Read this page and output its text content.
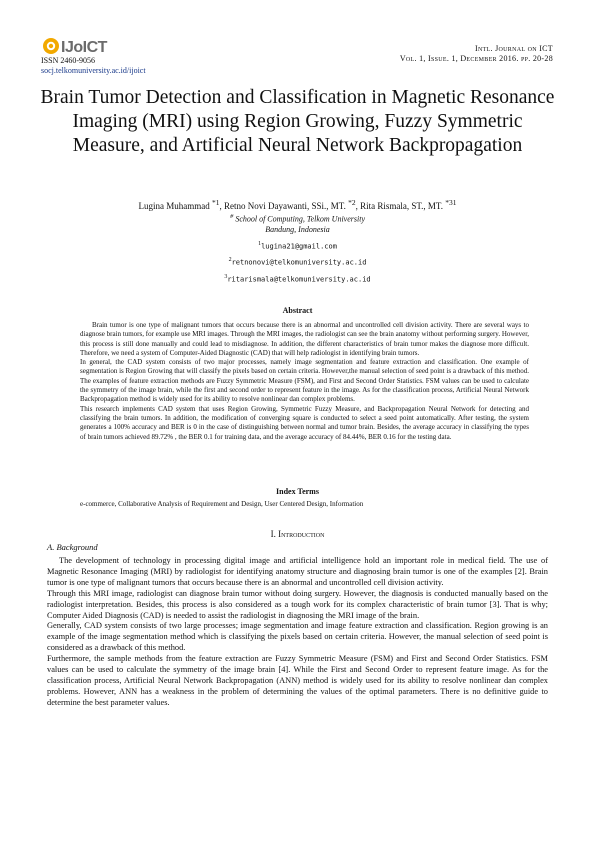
IJoICT
ISSN 2460-9056
socj.telkomuniversity.ac.id/ijoict
Intl. Journal on ICT
Vol. 1, Issue. 1, December 2016. pp. 20-28
Brain Tumor Detection and Classification in Magnetic Resonance Imaging (MRI) using Region Growing, Fuzzy Symmetric Measure, and Artificial Neural Network Backpropagation
Lugina Muhammad $^{*1}$, Retno Novi Dayawanti, SSi., MT. $^{*2}$, Rita Rismala, ST., MT. $^{*31}$
# School of Computing, Telkom University
Bandung, Indonesia
$^1$lugina21@gmail.com
$^2$retnonovi@telkomuniversity.ac.id
$^3$ritarismala@telkomuniversity.ac.id
Abstract

Brain tumor is one type of malignant tumors that occurs because there is an abnormal and uncontrolled cell division activity. There are several ways to diagnose brain tumors, for example use MRI images. Through the MRI images, the radiologist can see the brain anatomy without performing surgery. However, this process is still done manually and could lead to misdiagnose. In addition, the different characteristics of brain tumor makes the diagnose more difficult. Therefore, we need a system of Computer-Aided Diagnostic (CAD) that will help radiologist in identifying brain tumors.

In general, the CAD system consists of two major processes, namely image segmentation and feature extraction and classification. One example of segmentation is Region Growing that will classify the pixels based on certain criteria. However,the manual selection of seed point is a drawback of this method. The examples of feature extraction methods are Fuzzy Symmetric Measure (FSM), and First and Second Order Statistics. FSM values can be used to calculate the symmetry of the image brain, while the first and second order to represent feature in the image. As for the classification process, Artificial Neural Network Backpropagation method is widely used for its ability to resolve nonlinear dan complex problems.

This research implements CAD system that uses Region Growing, Symmetric Fuzzy Measure, and Backpropagation Neural Network for detecting and classifying the brain tumors. In addition, the modification of converging square is conducted to select a seed point automatically. After testing, the system generates a 100% accuracy and BER is 0 in the case of distinguishing between normal and tumor brain. Besides, the average accuracy in classifying the types of brain tumors achieved 89.72% , the BER 0.1 for training data, and the average accuracy of 84.44%, BER 0.16 for the testing data.

Index Terms
e-commerce, Collaborative Analysis of Requirement and Design, User Centered Design, Information
I. Introduction
A. Background

The development of technology in processing digital image and artificial intelligence hold an important role in medical field. The use of Magnetic Resonance Imaging (MRI) by radiologist for identifying anatomy structure and diagnosing brain tumor is one of the examples [2]. Brain tumor is one type of malignant tumors that occurs because there is an abnormal and uncontrolled cell division activity.

Through this MRI image, radiologist can diagnose brain tumor without doing surgery. However, the diagnosis is conducted manually based on the radiologist interpretation. Besides, this process is also considered as a tough work for its complex characteristic of brain tumor [3]. That is why; Computer Aided Diagnosis (CAD) is needed to assist the radiologist in diagnosing the MRI image of the brain.

Generally, CAD system consists of two large processes; image segmentation and image feature extraction and classification. Region growing is an example of the image segmentation method which is classifying the pixels based on certain criteria. However, the manual selection of seed point is considered as a drawback of this method.

Furthermore, the sample methods from the feature extraction are Fuzzy Symmetric Measure (FSM) and First and Second Order Statistics. FSM values can be used to calculate the symmetry of the image brain [4]. While the First and Second Order to represent feature image. As for the classification process, Artificial Neural Network Backpropagation (ANN) method is widely used for its ability to resolve nonlinear dan complex problems. However, ANN has a weakness in the problem of determining the values of the optimal parameters. There is no definitive guide to determine the best parameter values.
